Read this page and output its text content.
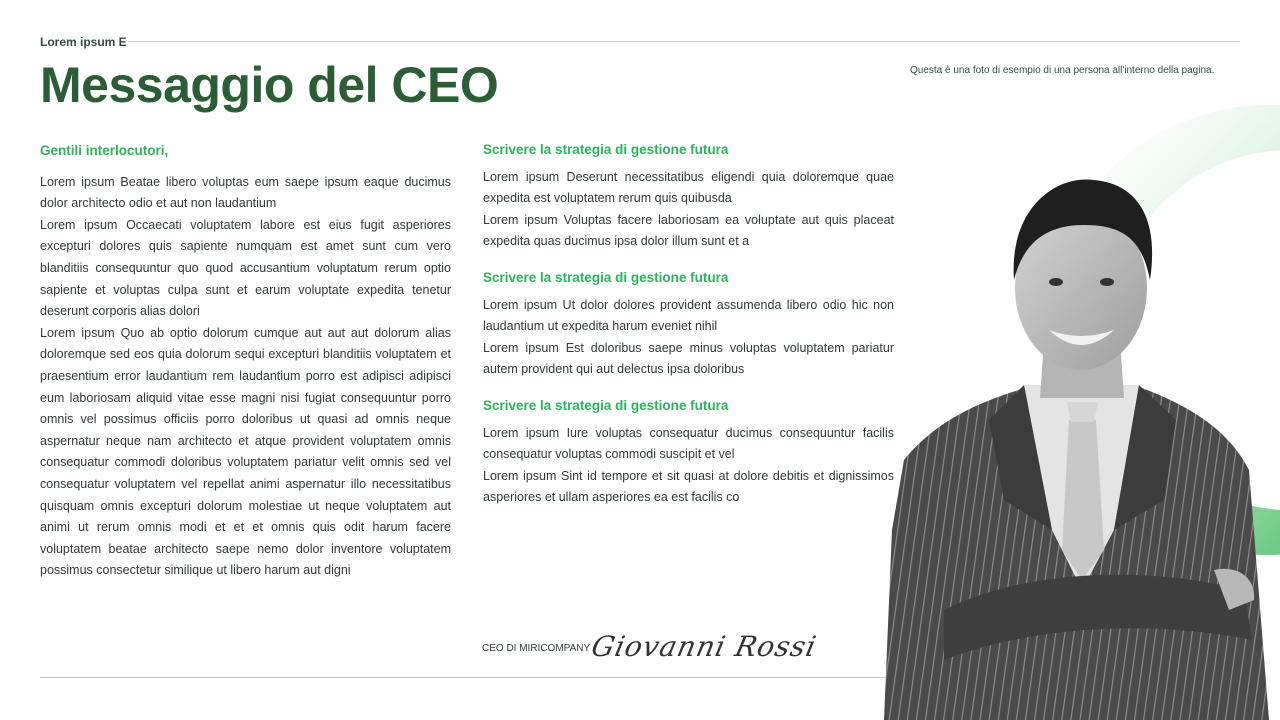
Lorem ipsum E
Messaggio del CEO	Questa è una foto di esempio di una persona all'interno della pagina.

Gentili interlocutori,

Lorem ipsum Beatae libero voluptas eum saepe ipsum eaque ducimus dolor architecto odio et aut non laudantium

Lorem ipsum Occaecati voluptatem labore est eius fugit asperiores excepturi dolores quis sapiente numquam est amet sunt cum vero blanditiis consequuntur quo quod accusantium voluptatum rerum optio sapiente et voluptas culpa sunt et earum voluptate expedita tenetur deserunt corporis alias dolori

Lorem ipsum Quo ab optio dolorum cumque aut aut aut dolorum alias doloremque sed eos quia dolorum sequi excepturi blanditiis voluptatem et praesentium error laudantium rem laudantium porro est adipisci adipisci eum laboriosam aliquid vitae esse magni nisi fugiat consequuntur porro omnis vel possimus officiis porro doloribus ut quasi ad omnis neque aspernatur neque nam architecto et atque provident voluptatem omnis consequatur commodi doloribus voluptatem pariatur velit omnis sed vel consequatur voluptatem vel repellat animi aspernatur illo necessitatibus quisquam omnis excepturi dolorum molestiae ut neque voluptatem aut animi ut rerum omnis modi et et et omnis quis odit harum facere voluptatem beatae architecto saepe nemo dolor inventore voluptatem possimus consectetur similique ut libero harum aut digni

Scrivere la strategia di gestione futura

Lorem ipsum Deserunt necessitatibus eligendi quia doloremque quae expedita est voluptatem rerum quis quibusda

Lorem ipsum Voluptas facere laboriosam ea voluptate aut quis placeat expedita quas ducimus ipsa dolor illum sunt et a

Scrivere la strategia di gestione futura

Lorem ipsum Ut dolor dolores provident assumenda libero odio hic non laudantium ut expedita harum eveniet nihil

Lorem ipsum Est doloribus saepe minus voluptas voluptatem pariatur autem provident qui aut delectus ipsa doloribus

Scrivere la strategia di gestione futura

Lorem ipsum Iure voluptas consequatur ducimus consequuntur facilis consequatur voluptas commodi suscipit et vel

Lorem ipsum Sint id tempore et sit quasi at dolore debitis et dignissimos asperiores et ullam asperiores ea est facilis co

CEO DI MIRICOMPANY
Giovanni Rossi
